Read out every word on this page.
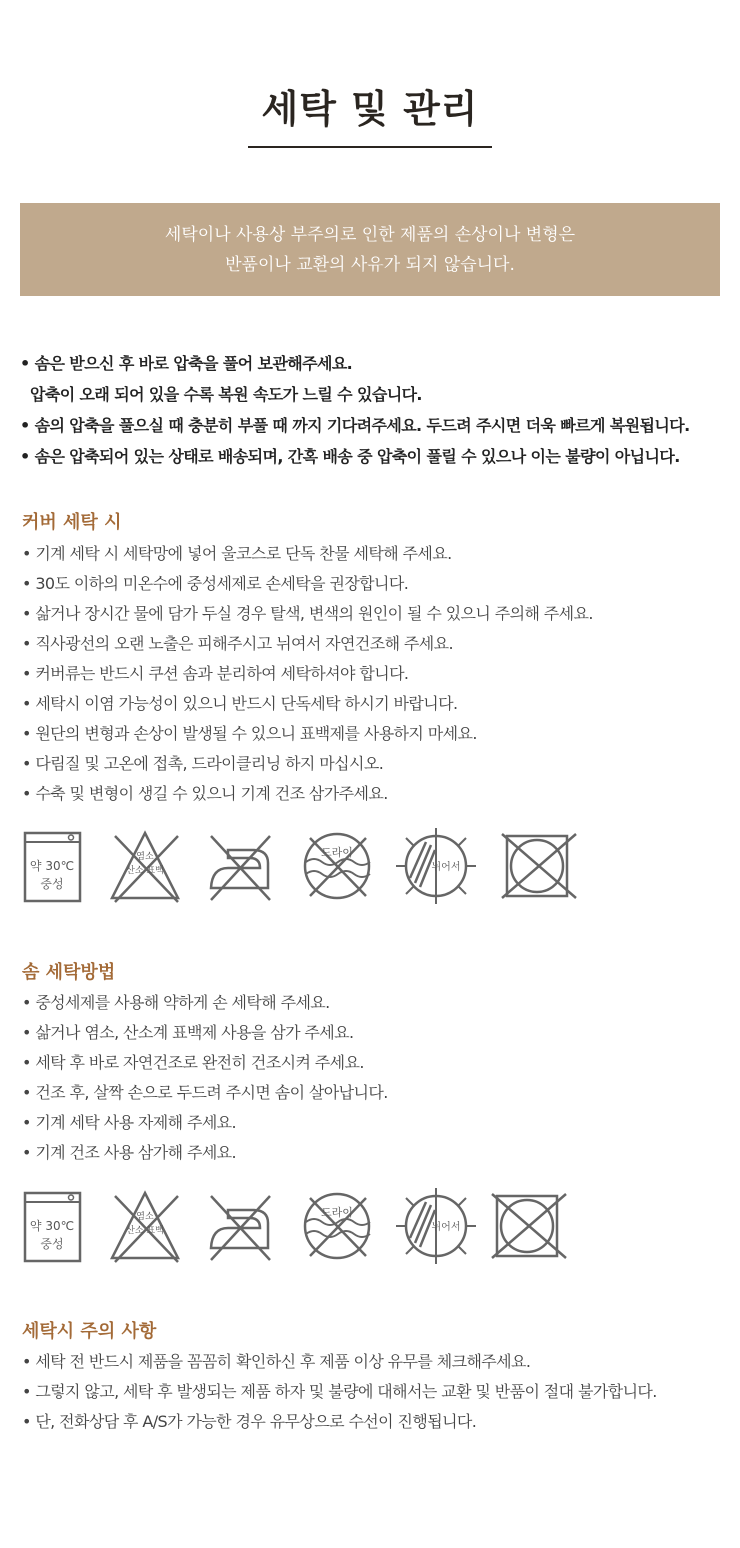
세탁 및 관리
세탁이나 사용상 부주의로 인한 제품의 손상이나 변형은
반품이나 교환의 사유가 되지 않습니다.
• 솜은 받으신 후 바로 압축을 풀어 보관해주세요.
압축이 오래 되어 있을 수록 복원 속도가 느릴 수 있습니다.
• 솜의 압축을 풀으실 때 충분히 부풀 때 까지 기다려주세요. 두드려 주시면 더욱 빠르게 복원됩니다.
• 솜은 압축되어 있는 상태로 배송되며, 간혹 배송 중 압축이 풀릴 수 있으나 이는 불량이 아닙니다.
커버 세탁 시
• 기계 세탁 시 세탁망에 넣어 울코스로 단독 찬물 세탁해 주세요.
• 30도 이하의 미온수에 중성세제로 손세탁을 권장합니다.
• 삶거나 장시간 물에 담가 두실 경우 탈색, 변색의 원인이 될 수 있으니 주의해 주세요.
• 직사광선의 오랜 노출은 피해주시고 뉘여서 자연건조해 주세요.
• 커버류는 반드시 쿠션 솜과 분리하여 세탁하셔야 합니다.
• 세탁시 이염 가능성이 있으니 반드시 단독세탁 하시기 바랍니다.
• 원단의 변형과 손상이 발생될 수 있으니 표백제를 사용하지 마세요.
• 다림질 및 고온에 접촉, 드라이클리닝 하지 마십시오.
• 수축 및 변형이 생길 수 있으니 기계 건조 삼가주세요.
약 30℃
중성
염소
산소 표백
드라이
뉘어서
솜 세탁방법
• 중성세제를 사용해 약하게 손 세탁해 주세요.
• 삶거나 염소, 산소계 표백제 사용을 삼가 주세요.
• 세탁 후 바로 자연건조로 완전히 건조시켜 주세요.
• 건조 후, 살짝 손으로 두드려 주시면 솜이 살아납니다.
• 기계 세탁 사용 자제해 주세요.
• 기계 건조 사용 삼가해 주세요.
약 30℃
중성
염소
산소 표백
드라이
뉘어서
세탁시 주의 사항
• 세탁 전 반드시 제품을 꼼꼼히 확인하신 후 제품 이상 유무를 체크해주세요.
• 그렇지 않고, 세탁 후 발생되는 제품 하자 및 불량에 대해서는 교환 및 반품이 절대 불가합니다.
• 단, 전화상담 후 A/S가 가능한 경우 유무상으로 수선이 진행됩니다.
